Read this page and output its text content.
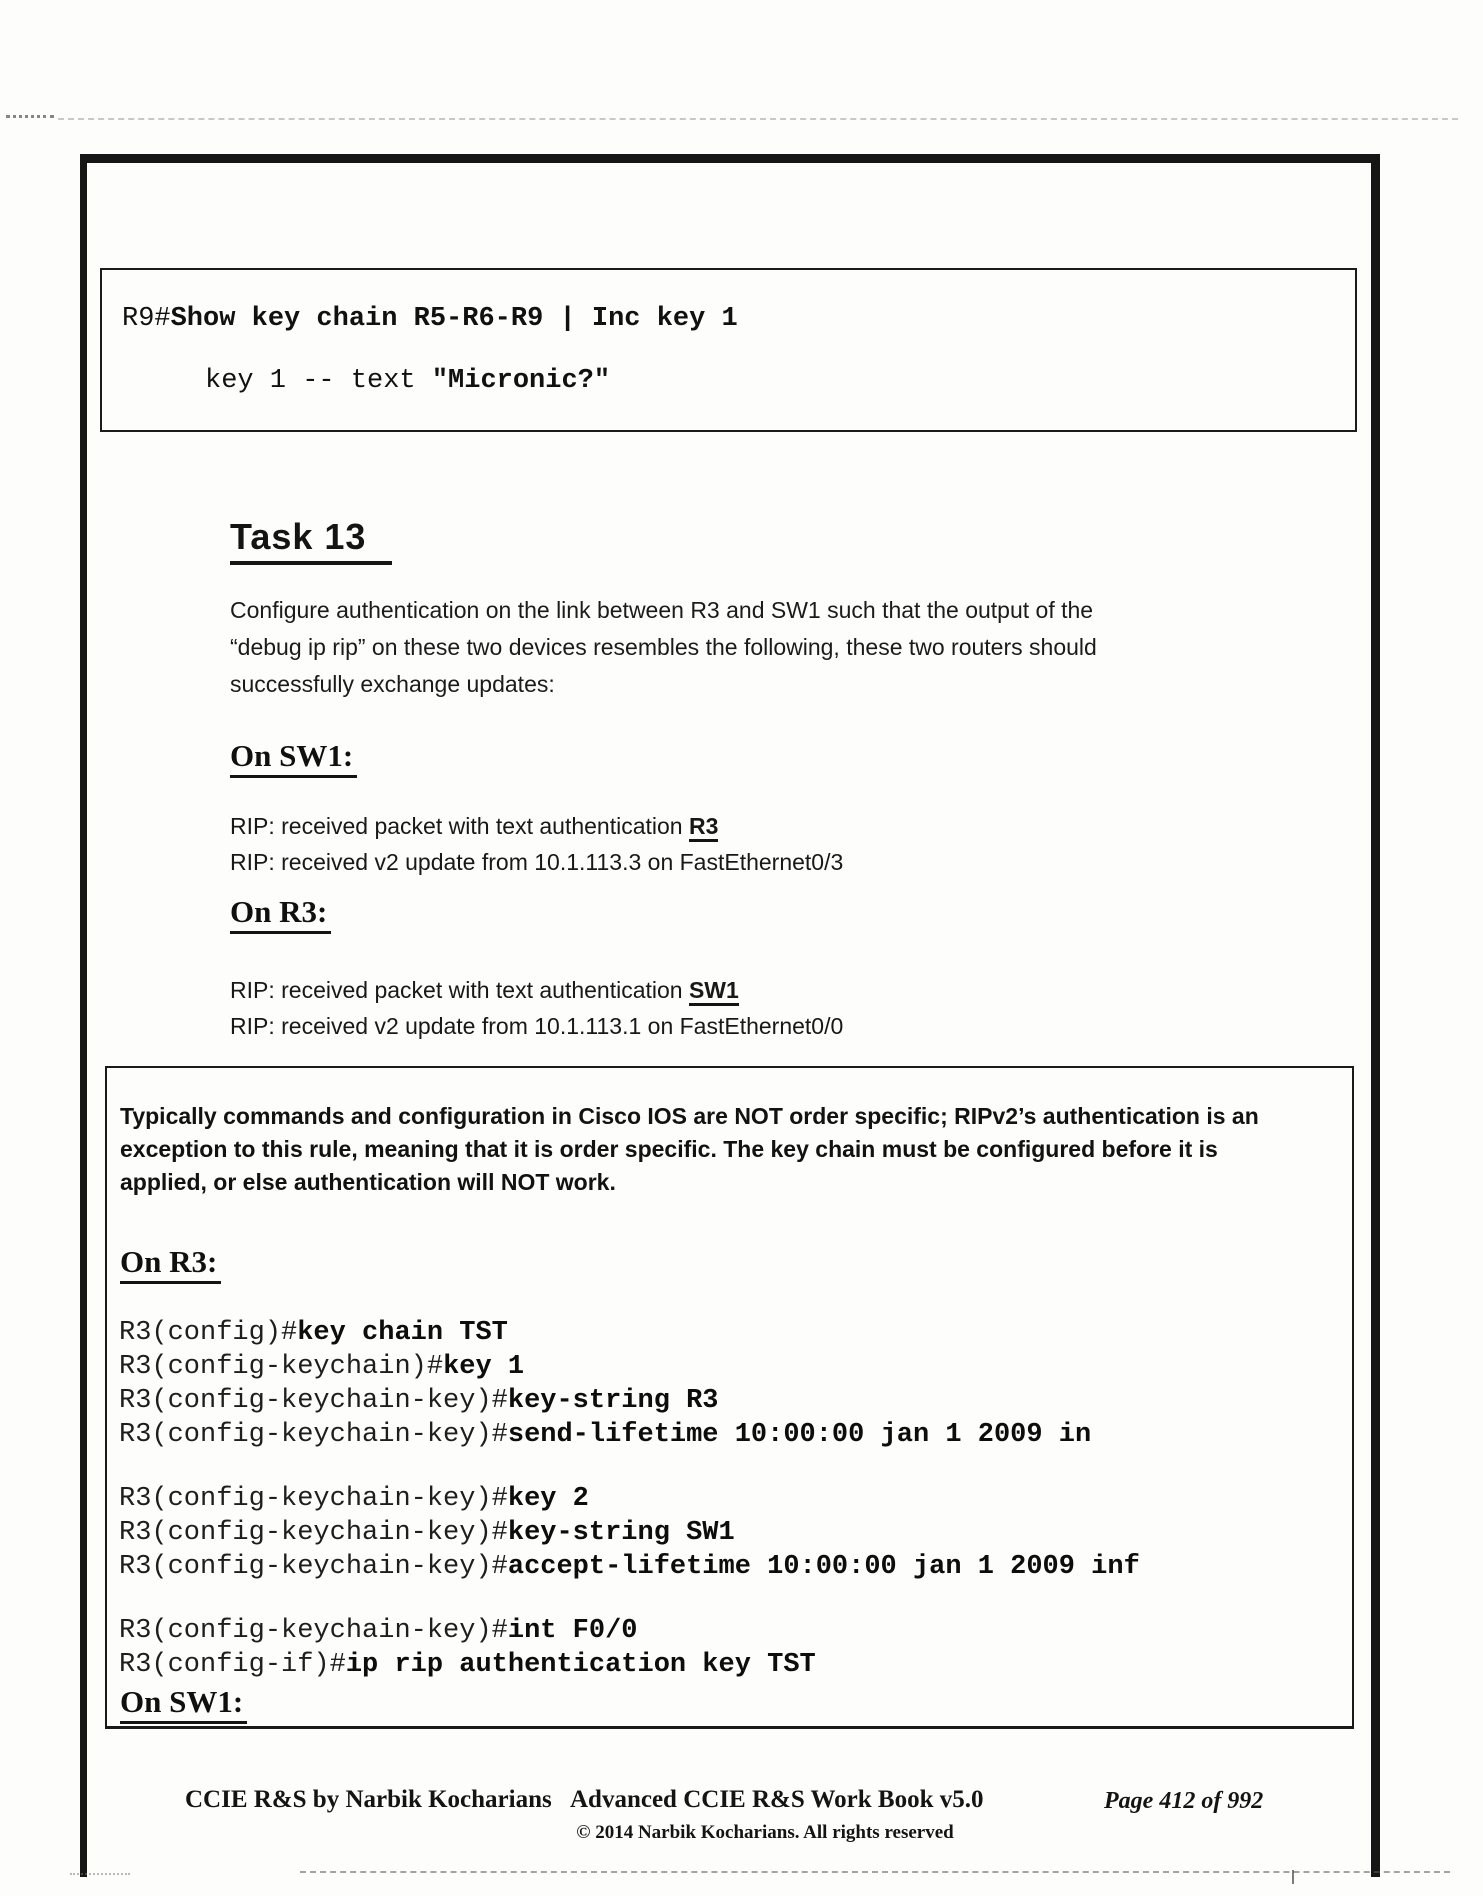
R9#Show key chain R5-R6-R9 | Inc key 1
key 1 -- text "Micronic?"
Task 13
Configure authentication on the link between R3 and SW1 such that the output of the
“debug ip rip” on these two devices resembles the following, these two routers should
successfully exchange updates:
On SW1:
RIP: received packet with text authentication R3
RIP: received v2 update from 10.1.113.3 on FastEthernet0/3
On R3:
RIP: received packet with text authentication SW1
RIP: received v2 update from 10.1.113.1 on FastEthernet0/0
Typically commands and configuration in Cisco IOS are NOT order specific; RIPv2’s authentication is an
exception to this rule, meaning that it is order specific. The key chain must be configured before it is
applied, or else authentication will NOT work.
On R3:
R3(config)#key chain TST
R3(config-keychain)#key 1
R3(config-keychain-key)#key-string R3
R3(config-keychain-key)#send-lifetime 10:00:00 jan 1 2009 in
R3(config-keychain-key)#key 2
R3(config-keychain-key)#key-string SW1
R3(config-keychain-key)#accept-lifetime 10:00:00 jan 1 2009 inf
R3(config-keychain-key)#int F0/0
R3(config-if)#ip rip authentication key TST
On SW1:
CCIE R&S by Narbik Kocharians Advanced CCIE R&S Work Book v5.0
© 2014 Narbik Kocharians. All rights reserved
Page 412 of 992
